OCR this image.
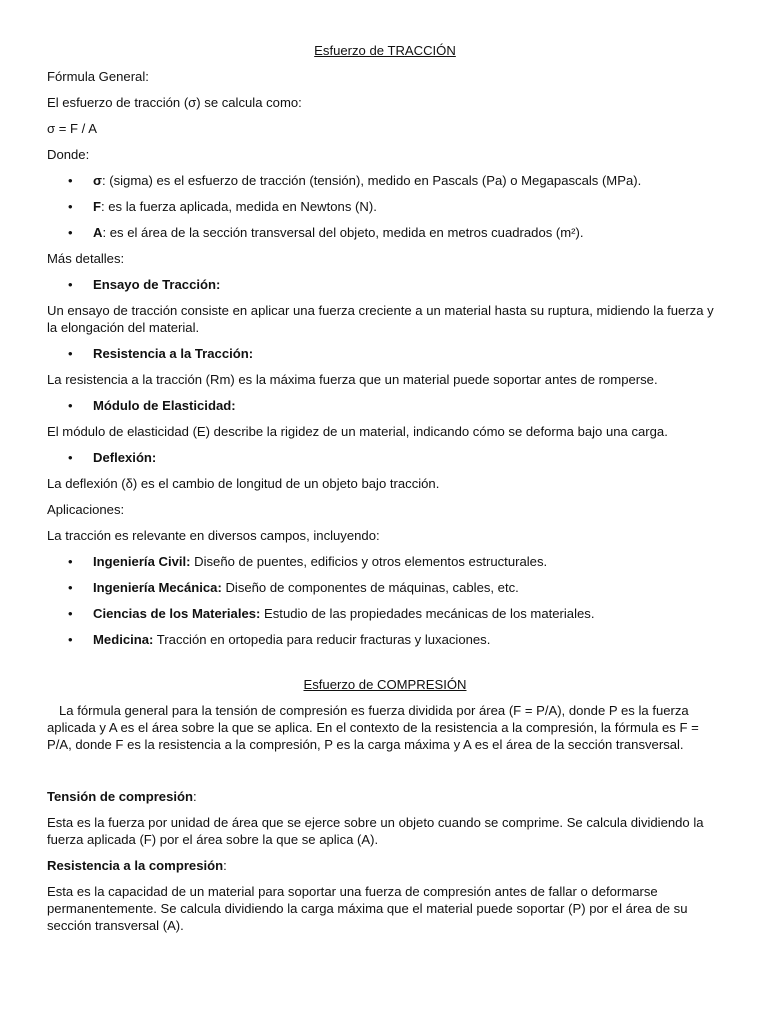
Esfuerzo de TRACCIÓN

Fórmula General:

El esfuerzo de tracción (σ) se calcula como:

σ = F / A

Donde:

• σ: (sigma) es el esfuerzo de tracción (tensión), medido en Pascals (Pa) o Megapascals (MPa).
• F: es la fuerza aplicada, medida en Newtons (N).
• A: es el área de la sección transversal del objeto, medida en metros cuadrados (m²).

Más detalles:

• Ensayo de Tracción:

Un ensayo de tracción consiste en aplicar una fuerza creciente a un material hasta su ruptura, midiendo la fuerza y la elongación del material.

• Resistencia a la Tracción:

La resistencia a la tracción (Rm) es la máxima fuerza que un material puede soportar antes de romperse.

• Módulo de Elasticidad:

El módulo de elasticidad (E) describe la rigidez de un material, indicando cómo se deforma bajo una carga.

• Deflexión:

La deflexión (δ) es el cambio de longitud de un objeto bajo tracción.

Aplicaciones:

La tracción es relevante en diversos campos, incluyendo:

• Ingeniería Civil: Diseño de puentes, edificios y otros elementos estructurales.
• Ingeniería Mecánica: Diseño de componentes de máquinas, cables, etc.
• Ciencias de los Materiales: Estudio de las propiedades mecánicas de los materiales.
• Medicina: Tracción en ortopedia para reducir fracturas y luxaciones.

Esfuerzo de COMPRESIÓN

La fórmula general para la tensión de compresión es fuerza dividida por área (F = P/A), donde P es la fuerza aplicada y A es el área sobre la que se aplica. En el contexto de la resistencia a la compresión, la fórmula es F = P/A, donde F es la resistencia a la compresión, P es la carga máxima y A es el área de la sección transversal.

Tensión de compresión:

Esta es la fuerza por unidad de área que se ejerce sobre un objeto cuando se comprime. Se calcula dividiendo la fuerza aplicada (F) por el área sobre la que se aplica (A).

Resistencia a la compresión:

Esta es la capacidad de un material para soportar una fuerza de compresión antes de fallar o deformarse permanentemente. Se calcula dividiendo la carga máxima que el material puede soportar (P) por el área de su sección transversal (A).
